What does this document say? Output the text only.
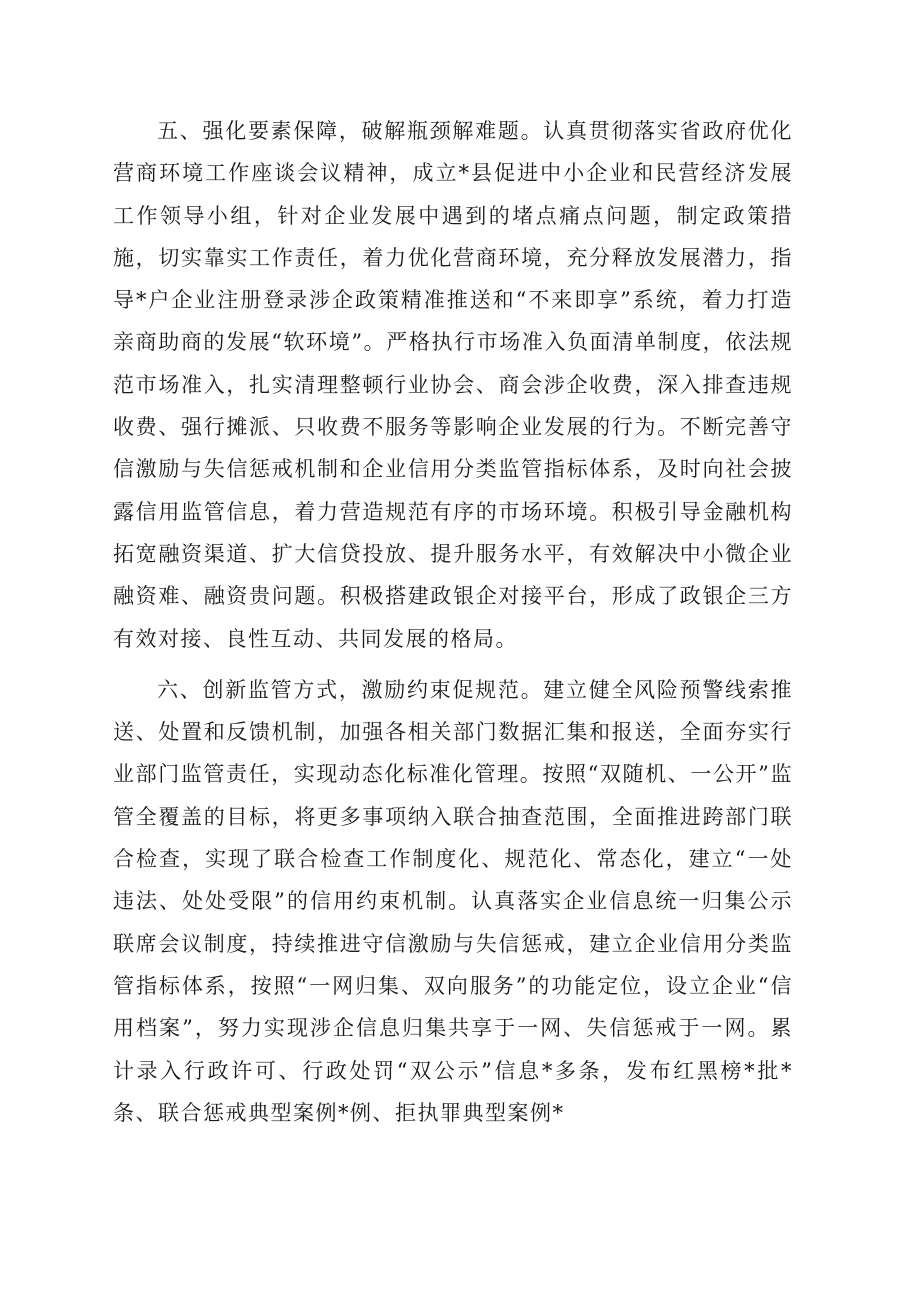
五、强化要素保障，破解瓶颈解难题。认真贯彻落实省政府优化营商环境工作座谈会议精神，成立*县促进中小企业和民营经济发展工作领导小组，针对企业发展中遇到的堵点痛点问题，制定政策措施，切实靠实工作责任，着力优化营商环境，充分释放发展潜力，指导*户企业注册登录涉企政策精准推送和“不来即享”系统，着力打造亲商助商的发展“软环境”。严格执行市场准入负面清单制度，依法规范市场准入，扎实清理整顿行业协会、商会涉企收费，深入排查违规收费、强行摊派、只收费不服务等影响企业发展的行为。不断完善守信激励与失信惩戒机制和企业信用分类监管指标体系，及时向社会披露信用监管信息，着力营造规范有序的市场环境。积极引导金融机构拓宽融资渠道、扩大信贷投放、提升服务水平，有效解决中小微企业融资难、融资贵问题。积极搭建政银企对接平台，形成了政银企三方有效对接、良性互动、共同发展的格局。

六、创新监管方式，激励约束促规范。建立健全风险预警线索推送、处置和反馈机制，加强各相关部门数据汇集和报送，全面夯实行业部门监管责任，实现动态化标准化管理。按照“双随机、一公开”监管全覆盖的目标，将更多事项纳入联合抽查范围，全面推进跨部门联合检查，实现了联合检查工作制度化、规范化、常态化，建立“一处违法、处处受限”的信用约束机制。认真落实企业信息统一归集公示联席会议制度，持续推进守信激励与失信惩戒，建立企业信用分类监管指标体系，按照“一网归集、双向服务”的功能定位，设立企业“信用档案”，努力实现涉企信息归集共享于一网、失信惩戒于一网。累计录入行政许可、行政处罚“双公示”信息*多条，发布红黑榜*批*条、联合惩戒典型案例*例、拒执罪典型案例*
